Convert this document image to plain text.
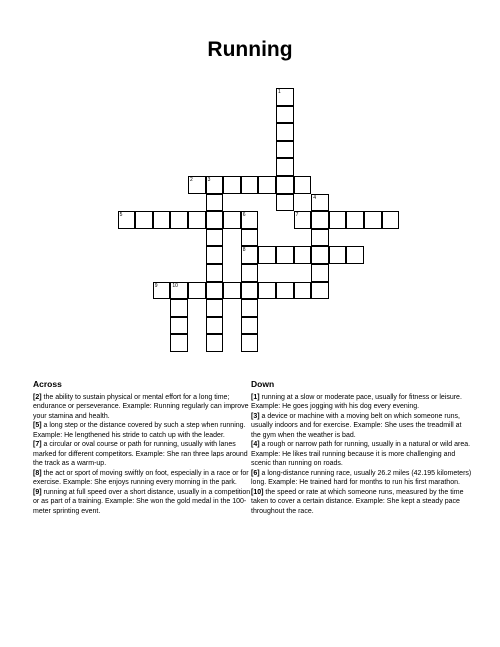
Running
2	3
5	7
8
9	10
1
4
6
Across

[2] the ability to sustain physical or mental effort for a long time; endurance or perseverance. Example: Running regularly can improve your stamina and health.

[5] a long step or the distance covered by such a step when running. Example: He lengthened his stride to catch up with the leader.

[7] a circular or oval course or path for running, usually with lanes marked for different competitors. Example: She ran three laps around the track as a warm-up.

[8] the act or sport of moving swiftly on foot, especially in a race or for exercise. Example: She enjoys running every morning in the park.

[9] running at full speed over a short distance, usually in a competition or as part of a training. Example: She won the gold medal in the 100-meter sprinting event.

Down

[1] running at a slow or moderate pace, usually for fitness or leisure. Example: He goes jogging with his dog every evening.

[3] a device or machine with a moving belt on which someone runs, usually indoors and for exercise. Example: She uses the treadmill at the gym when the weather is bad.

[4] a rough or narrow path for running, usually in a natural or wild area. Example: He likes trail running because it is more challenging and scenic than running on roads.

[6] a long-distance running race, usually 26.2 miles (42.195 kilometers) long. Example: He trained hard for months to run his first marathon.

[10] the speed or rate at which someone runs, measured by the time taken to cover a certain distance. Example: She kept a steady pace throughout the race.
